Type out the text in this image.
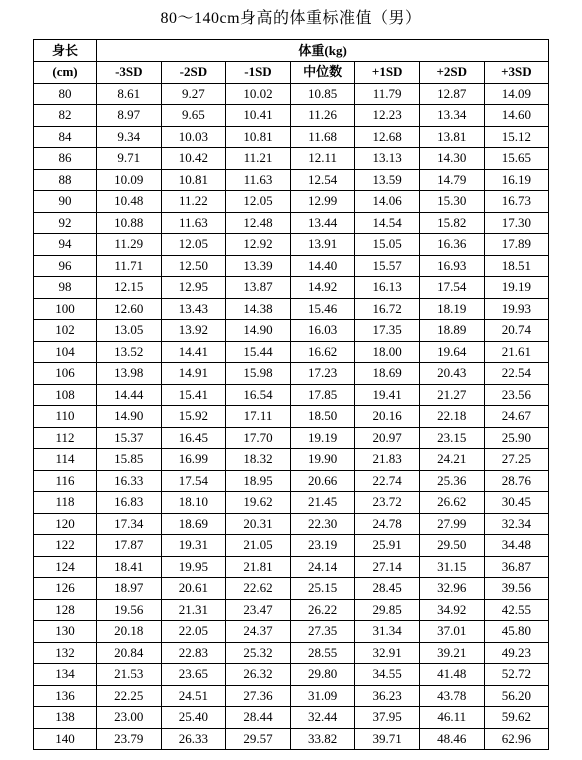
80～140cm身高的体重标准值（男）
身长	体重(kg)						
(cm)	-3SD	-2SD	-1SD	中位数	+1SD	+2SD	+3SD
80	8.61	9.27	10.02	10.85	11.79	12.87	14.09
82	8.97	9.65	10.41	11.26	12.23	13.34	14.60
84	9.34	10.03	10.81	11.68	12.68	13.81	15.12
86	9.71	10.42	11.21	12.11	13.13	14.30	15.65
88	10.09	10.81	11.63	12.54	13.59	14.79	16.19
90	10.48	11.22	12.05	12.99	14.06	15.30	16.73
92	10.88	11.63	12.48	13.44	14.54	15.82	17.30
94	11.29	12.05	12.92	13.91	15.05	16.36	17.89
96	11.71	12.50	13.39	14.40	15.57	16.93	18.51
98	12.15	12.95	13.87	14.92	16.13	17.54	19.19
100	12.60	13.43	14.38	15.46	16.72	18.19	19.93
102	13.05	13.92	14.90	16.03	17.35	18.89	20.74
104	13.52	14.41	15.44	16.62	18.00	19.64	21.61
106	13.98	14.91	15.98	17.23	18.69	20.43	22.54
108	14.44	15.41	16.54	17.85	19.41	21.27	23.56
110	14.90	15.92	17.11	18.50	20.16	22.18	24.67
112	15.37	16.45	17.70	19.19	20.97	23.15	25.90
114	15.85	16.99	18.32	19.90	21.83	24.21	27.25
116	16.33	17.54	18.95	20.66	22.74	25.36	28.76
118	16.83	18.10	19.62	21.45	23.72	26.62	30.45
120	17.34	18.69	20.31	22.30	24.78	27.99	32.34
122	17.87	19.31	21.05	23.19	25.91	29.50	34.48
124	18.41	19.95	21.81	24.14	27.14	31.15	36.87
126	18.97	20.61	22.62	25.15	28.45	32.96	39.56
128	19.56	21.31	23.47	26.22	29.85	34.92	42.55
130	20.18	22.05	24.37	27.35	31.34	37.01	45.80
132	20.84	22.83	25.32	28.55	32.91	39.21	49.23
134	21.53	23.65	26.32	29.80	34.55	41.48	52.72
136	22.25	24.51	27.36	31.09	36.23	43.78	56.20
138	23.00	25.40	28.44	32.44	37.95	46.11	59.62
140	23.79	26.33	29.57	33.82	39.71	48.46	62.96
